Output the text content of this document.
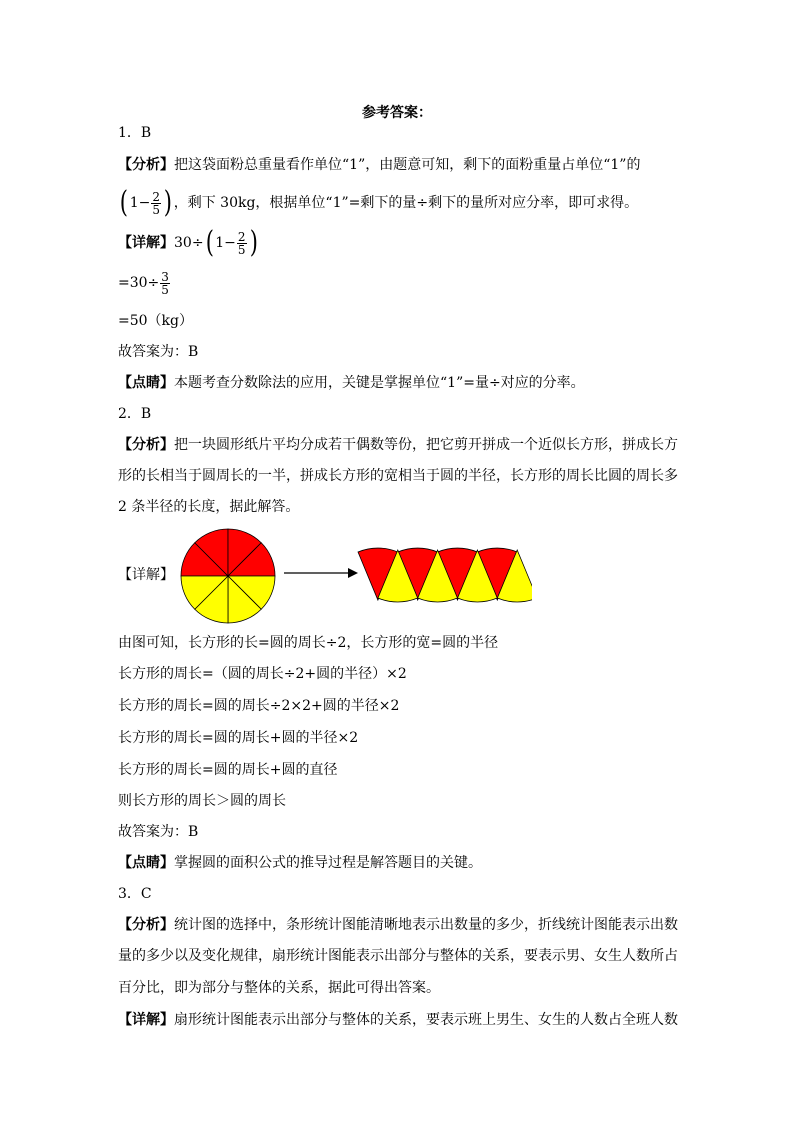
参考答案：
1．B
【分析】把这袋面粉总重量看作单位“1”，由题意可知，剩下的面粉重量占单位“1”的
( $1- \frac{2}{5}$ ) ，剩下 30kg，根据单位“1”=剩下的量÷剩下的量所对应分率，即可求得。
【详解】30÷( $1- \frac{2}{5}$ )
$=30\div \frac{3}{5}$
=50（kg）
故答案为：B
【点睛】本题考查分数除法的应用，关键是掌握单位“1”=量÷对应的分率。
2．B
【分析】把一块圆形纸片平均分成若干偶数等份，把它剪开拼成一个近似长方形，拼成长方
形的长相当于圆周长的一半，拼成长方形的宽相当于圆的半径，长方形的周长比圆的周长多
2 条半径的长度，据此解答。
【详解】
由图可知，长方形的长=圆的周长÷2，长方形的宽=圆的半径
长方形的周长=（圆的周长÷2+圆的半径）×2
长方形的周长=圆的周长÷2×2+圆的半径×2
长方形的周长=圆的周长+圆的半径×2
长方形的周长=圆的周长+圆的直径
则长方形的周长＞圆的周长
故答案为：B
【点睛】掌握圆的面积公式的推导过程是解答题目的关键。
3．C
【分析】统计图的选择中，条形统计图能清晰地表示出数量的多少，折线统计图能表示出数
量的多少以及变化规律，扇形统计图能表示出部分与整体的关系，要表示男、女生人数所占
百分比，即为部分与整体的关系，据此可得出答案。
【详解】扇形统计图能表示出部分与整体的关系，要表示班上男生、女生的人数占全班人数
